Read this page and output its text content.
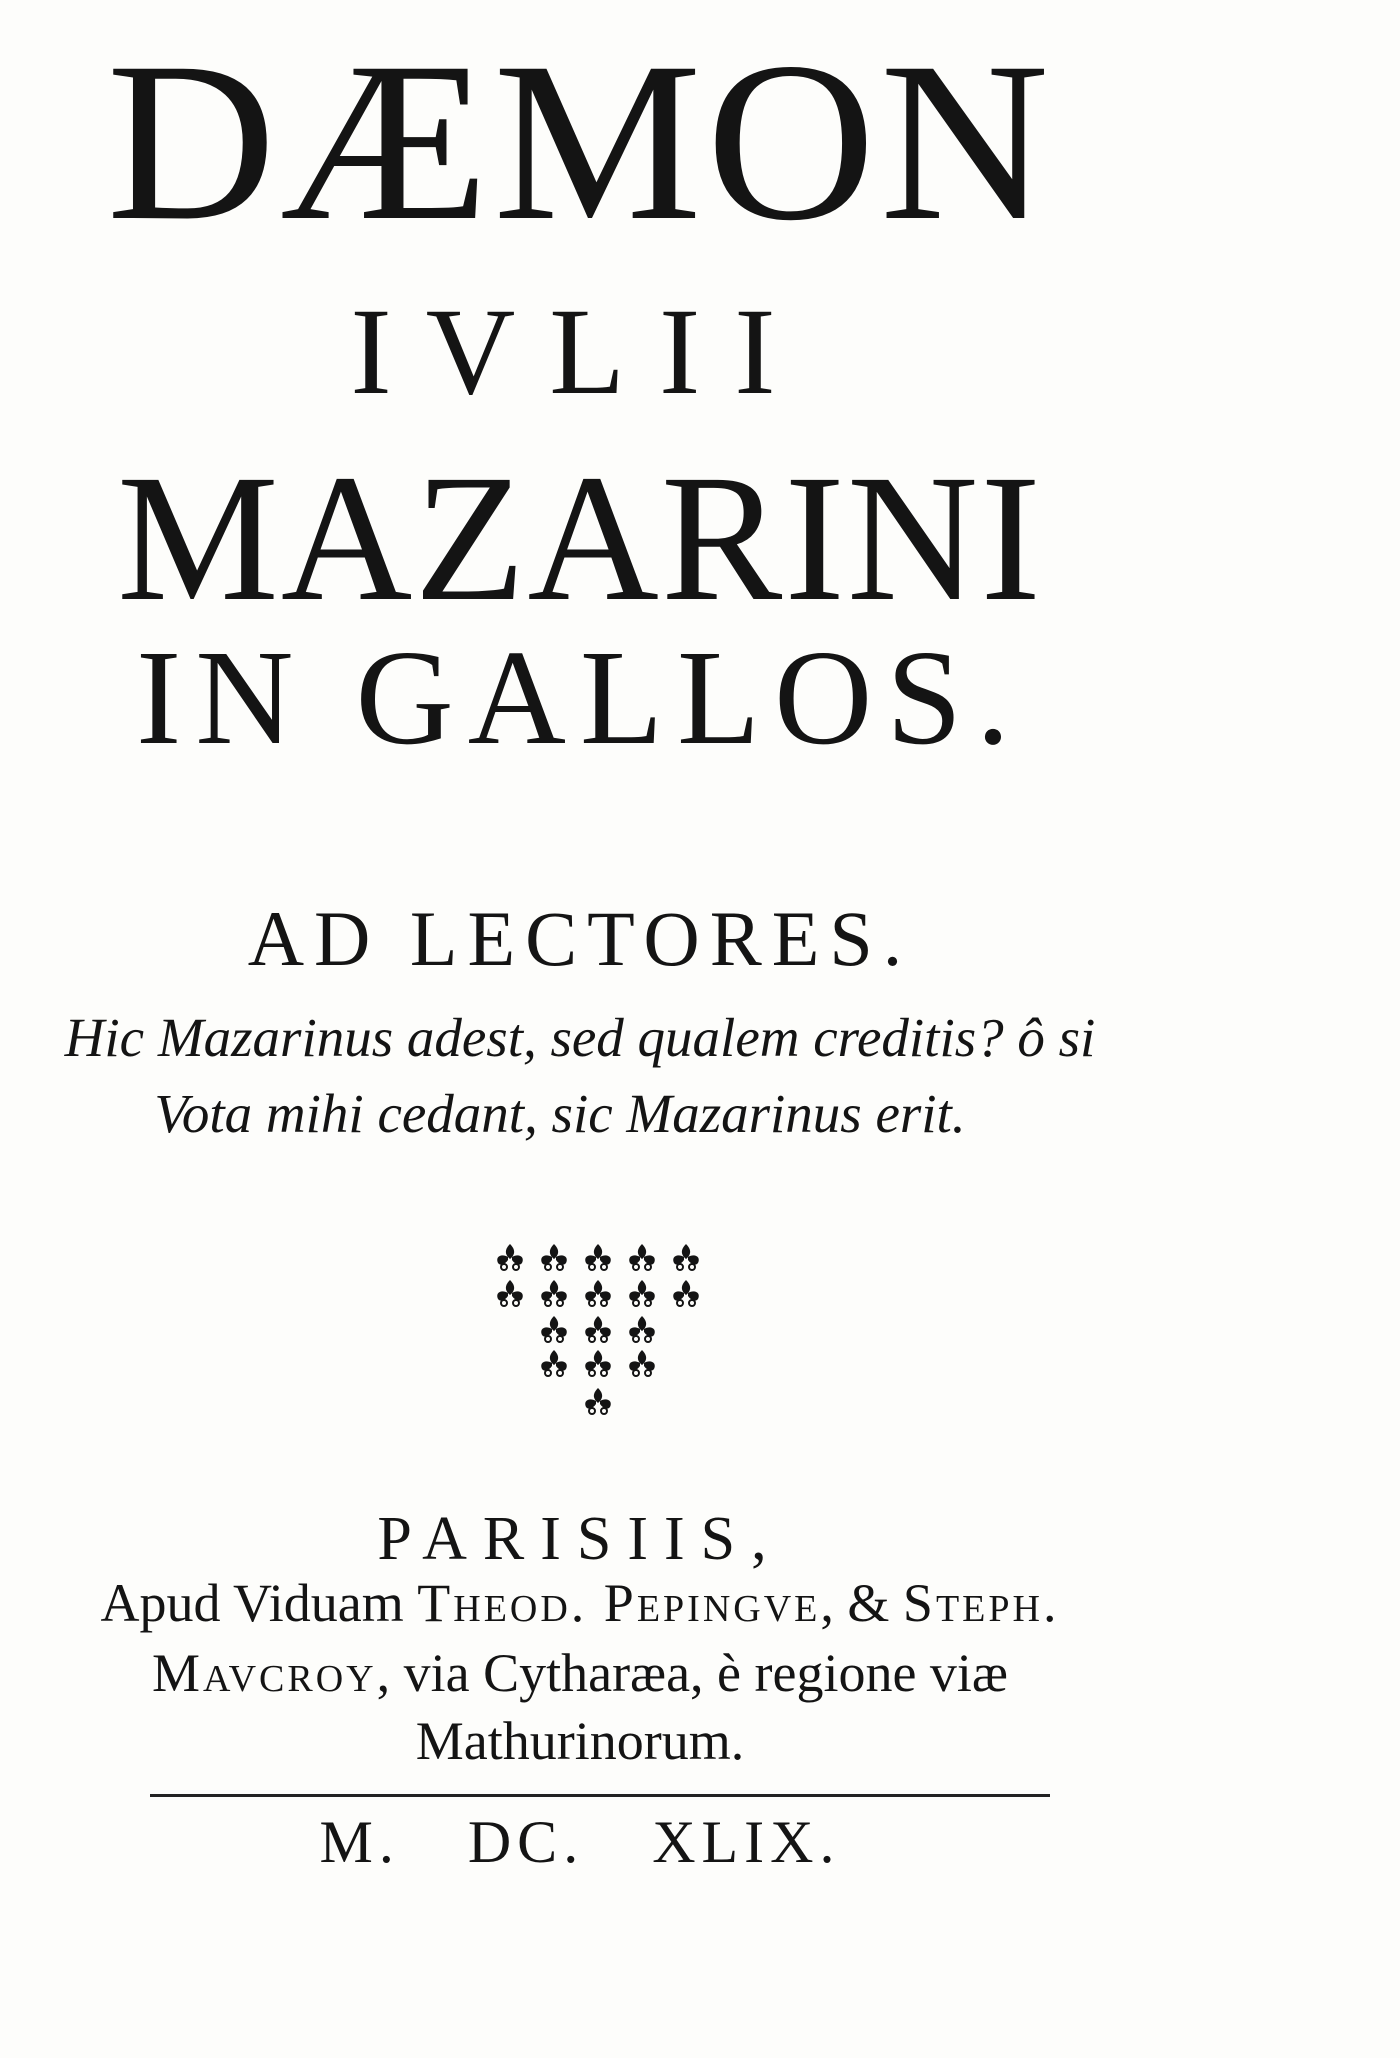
DÆMON
IVLII
MAZARINI
IN GALLOS.
AD LECTORES.
Hic Mazarinus adest, sed qualem creditis? ô si
Vota mihi cedant, sic Mazarinus erit.
PARISIIS,
Apud Viduam Theod. Pepingve, & Steph.
Mavcroy, via Cytharæa, è regione viæ
Mathurinorum.
M. DC. XLIX.
